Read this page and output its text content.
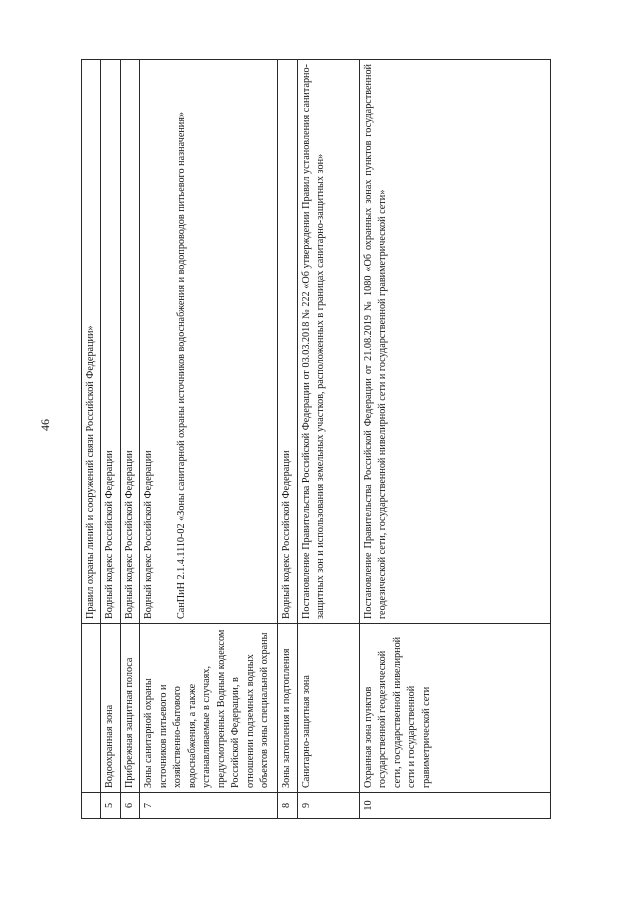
46
			Правил охраны линий и сооружений связи Российской Федерации»
5	Водоохранная зона	Водный кодекс Российской Федерации
6	Прибрежная защитная полоса	Водный кодекс Российской Федерации
7	Зоны санитарной охраны источников питьевого и хозяйственно-бытового водоснабжения, а также устанавливаемые в случаях, предусмотренных Водным кодексом Российской Федерации, в отношении подземных водных объектов зоны специальной охраны	Водный кодекс Российской Федерации СанПиН 2.1.4.1110-02 «Зоны санитарной охраны источников водоснабжения и водопроводов питьевого назначения»

8	Зоны затопления и подтопления	Водный кодекс Российской Федерации
9	Санитарно-защитная зона	Постановление Правительства Российской Федерации от 03.03.2018 № 222 «Об утверждении Правил установления санитарно-защитных зон и использования земельных участков, расположенных в границах санитарно-защитных зон»
10	Охранная зона пунктов государственной геодезической сети, государственной нивелирной сети и государственной гравиметрической сети	Постановление Правительства Российской Федерации от 21.08.2019 № 1080 «Об охранных зонах пунктов государственной геодезической сети, государственной нивелирной сети и государственной гравиметрической сети»
